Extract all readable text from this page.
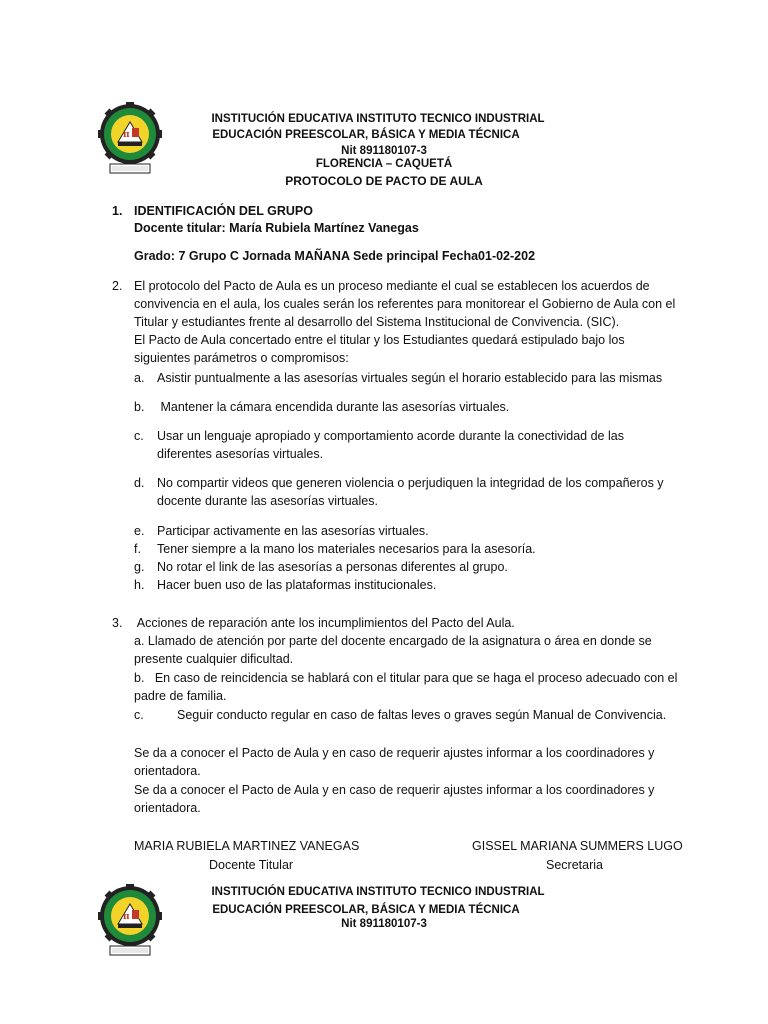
π
INSTITUCIÓN EDUCATIVA INSTITUTO TECNICO INDUSTRIAL
EDUCACIÓN PREESCOLAR, BÁSICA Y MEDIA TÉCNICA
Nit 891180107-3
FLORENCIA – CAQUETÁ
PROTOCOLO DE PACTO DE AULA
1. IDENTIFICACIÓN DEL GRUPO
Docente titular: María Rubiela Martínez Vanegas
Grado: 7 Grupo C Jornada MAÑANA Sede principal Fecha01-02-202
2. El protocolo del Pacto de Aula es un proceso mediante el cual se establecen los acuerdos de
convivencia en el aula, los cuales serán los referentes para monitorear el Gobierno de Aula con el
Titular y estudiantes frente al desarrollo del Sistema Institucional de Convivencia. (SIC).
El Pacto de Aula concertado entre el titular y los Estudiantes quedará estipulado bajo los
siguientes parámetros o compromisos:
a. Asistir puntualmente a las asesorías virtuales según el horario establecido para las mismas
b. Mantener la cámara encendida durante las asesorías virtuales.
c. Usar un lenguaje apropiado y comportamiento acorde durante la conectividad de las
diferentes asesorías virtuales.
d. No compartir videos que generen violencia o perjudiquen la integridad de los compañeros y
docente durante las asesorías virtuales.
e. Participar activamente en las asesorías virtuales.
f. Tener siempre a la mano los materiales necesarios para la asesoría.
g. No rotar el link de las asesorías a personas diferentes al grupo.
h. Hacer buen uso de las plataformas institucionales.
3. Acciones de reparación ante los incumplimientos del Pacto del Aula.
a. Llamado de atención por parte del docente encargado de la asignatura o área en donde se
presente cualquier dificultad.
b.   En caso de reincidencia se hablará con el titular para que se haga el proceso adecuado con el
padre de familia.
c.	Seguir conducto regular en caso de faltas leves o graves según Manual de Convivencia.
Se da a conocer el Pacto de Aula y en caso de requerir ajustes informar a los coordinadores y
orientadora.
Se da a conocer el Pacto de Aula y en caso de requerir ajustes informar a los coordinadores y
orientadora.
MARIA RUBIELA MARTINEZ VANEGAS
Docente Titular
GISSEL MARIANA SUMMERS LUGO
Secretaria
π
INSTITUCIÓN EDUCATIVA INSTITUTO TECNICO INDUSTRIAL
EDUCACIÓN PREESCOLAR, BÁSICA Y MEDIA TÉCNICA
Nit 891180107-3
